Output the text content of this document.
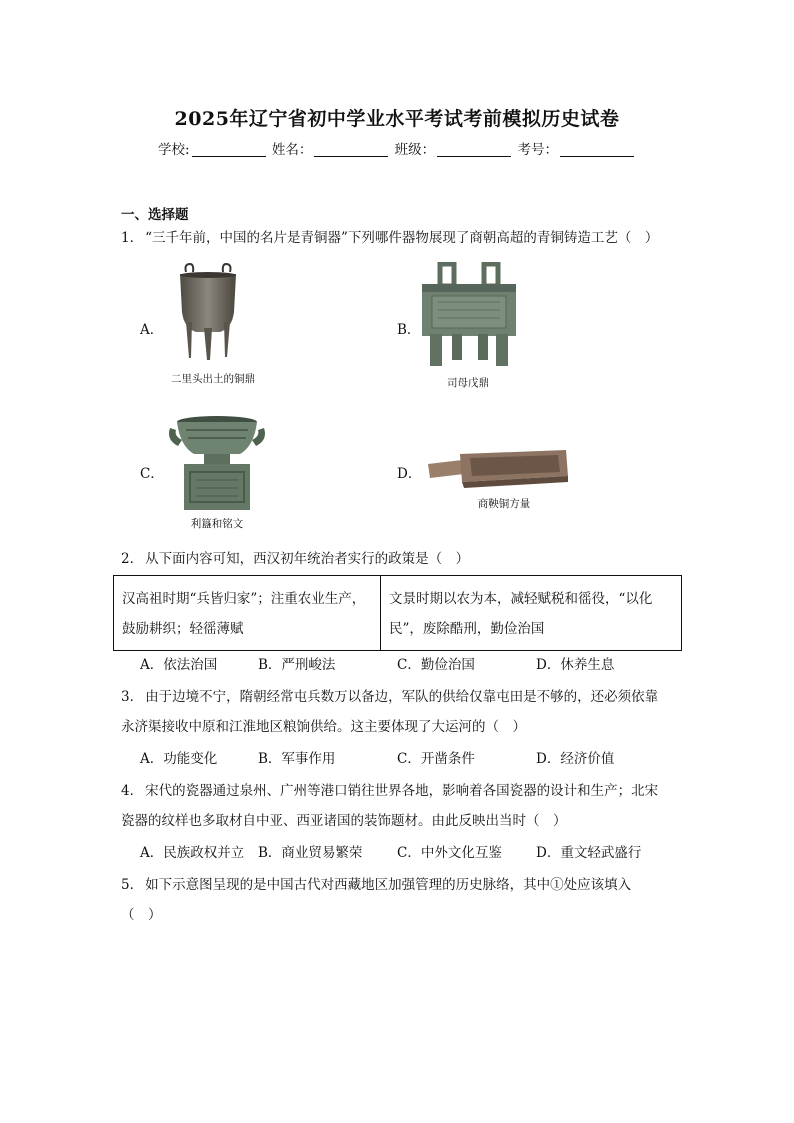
2025年辽宁省初中学业水平考试考前模拟历史试卷
学校:	姓名：	班级：	考号：
一、选择题
1． “三千年前，中国的名片是青铜器”下列哪件器物展现了商朝高超的青铜铸造工艺（　）
A．
二里头出土的铜鼎
B．
司母戊鼎
C．
利簋和铭文
D．
商鞅铜方量
2． 从下面内容可知，西汉初年统治者实行的政策是（　）
汉高祖时期“兵皆归家”；注重农业生产，鼓励耕织；轻徭薄赋	文景时期以农为本，减轻赋税和徭役，“以化民”，废除酷刑，勤俭治国
A．依法治国	B．严刑峻法	C．勤俭治国	D．休养生息
3． 由于边境不宁，隋朝经常屯兵数万以备边，军队的供给仅靠屯田是不够的，还必须依靠
永济渠接收中原和江淮地区粮饷供给。这主要体现了大运河的（　）
A．功能变化	B．军事作用	C．开凿条件	D．经济价值
4． 宋代的瓷器通过泉州、广州等港口销往世界各地，影响着各国瓷器的设计和生产；北宋
瓷器的纹样也多取材自中亚、西亚诸国的装饰题材。由此反映出当时（　）
A．民族政权并立 B．商业贸易繁荣	C．中外文化互鉴	D．重文轻武盛行
5． 如下示意图呈现的是中国古代对西藏地区加强管理的历史脉络，其中①处应该填入
（　）
